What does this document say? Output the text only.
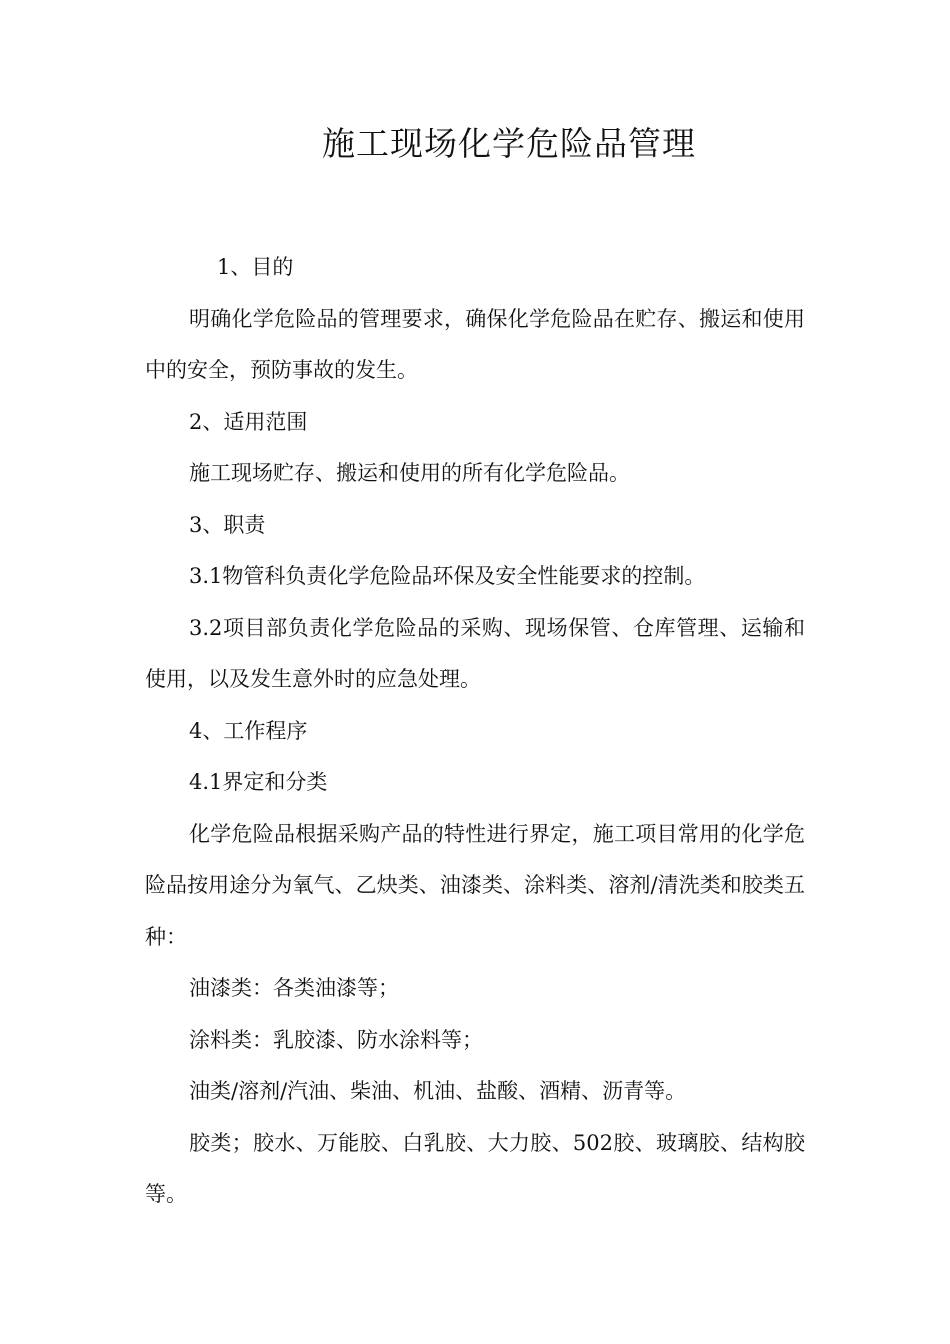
施工现场化学危险品管理

1、目的

明确化学危险品的管理要求，确保化学危险品在贮存、搬运和使用中的安全，预防事故的发生。

2、适用范围

施工现场贮存、搬运和使用的所有化学危险品。

3、职责

3.1物管科负责化学危险品环保及安全性能要求的控制。

3.2项目部负责化学危险品的采购、现场保管、仓库管理、运输和使用，以及发生意外时的应急处理。

4、工作程序

4.1界定和分类

化学危险品根据采购产品的特性进行界定，施工项目常用的化学危险品按用途分为氧气、乙炔类、油漆类、涂料类、溶剂/清洗类和胶类五种：

油漆类：各类油漆等；

涂料类：乳胶漆、防水涂料等；

油类/溶剂/汽油、柴油、机油、盐酸、酒精、沥青等。

胶类；胶水、万能胶、白乳胶、大力胶、502胶、玻璃胶、结构胶等。
